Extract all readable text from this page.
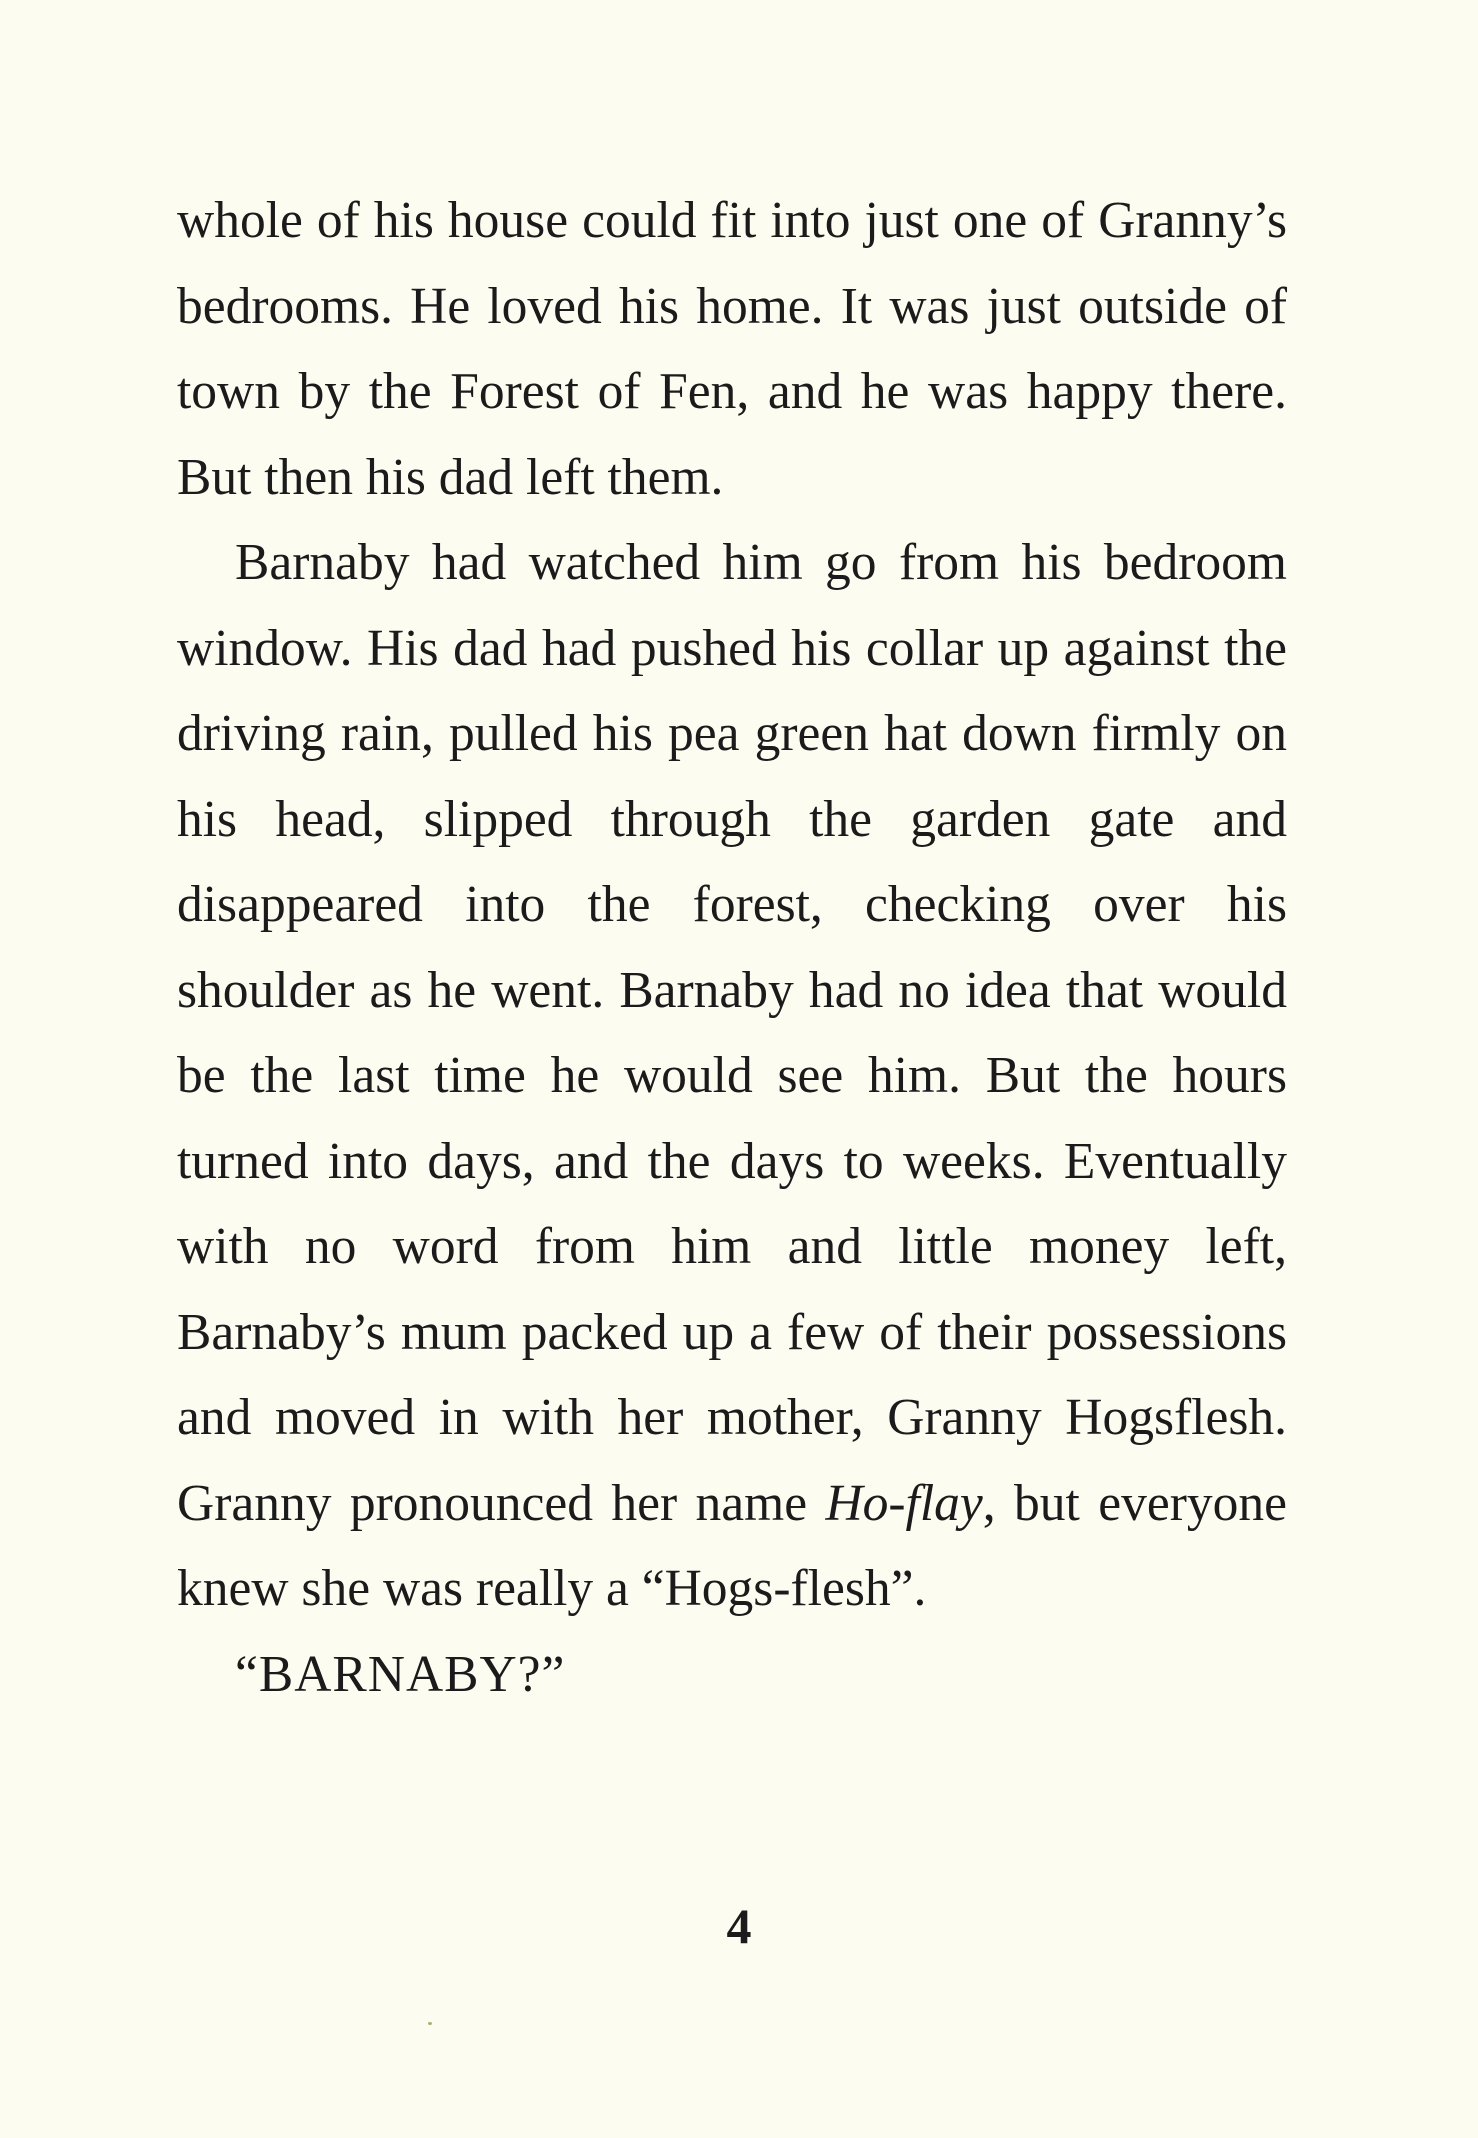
whole of his house could fit into just one of Granny’s bedrooms. He loved his home. It was just outside of town by the Forest of Fen, and he was happy there. But then his dad left them.

Barnaby had watched him go from his bedroom window. His dad had pushed his collar up against the driving rain, pulled his pea green hat down firmly on his head, slipped through the garden gate and disappeared into the forest, checking over his shoulder as he went. Barnaby had no idea that would be the last time he would see him. But the hours turned into days, and the days to weeks. Eventually with no word from him and little money left, Barnaby’s mum packed up a few of their possessions and moved in with her mother, Granny Hogsflesh. Granny pronounced her name Ho-flay, but everyone knew she was really a “Hogs-flesh”.

“BARNABY?”

4
